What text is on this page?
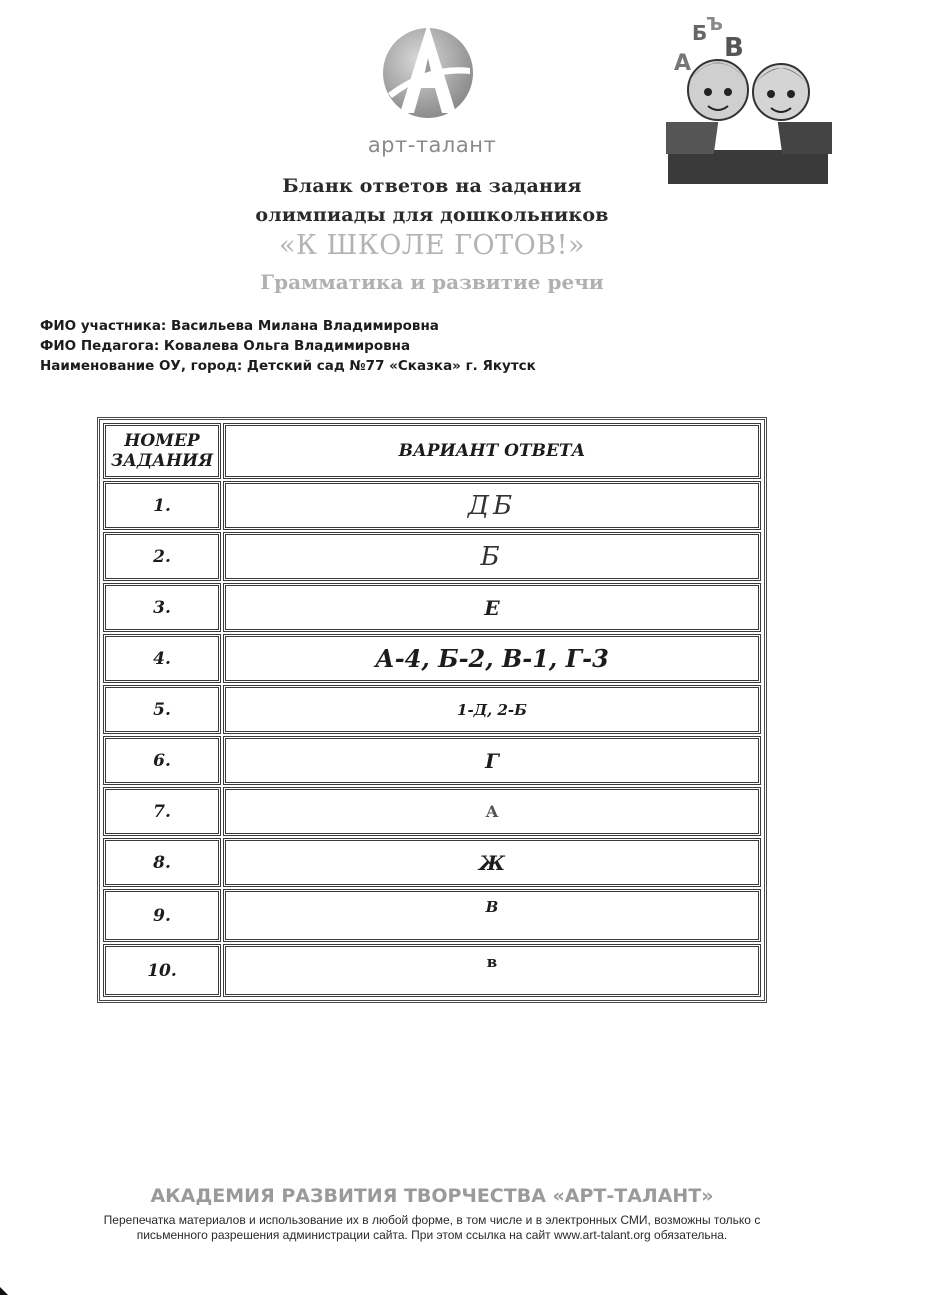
арт-талант
А
Б В
Ъ
Бланк ответов на задания
олимпиады для дошкольников
«К ШКОЛЕ ГОТОВ!»
Грамматика и развитие речи
ФИО участника: Васильева Милана Владимировна
ФИО Педагога: Ковалева Ольга Владимировна
Наименование ОУ, город: Детский сад №77 «Сказка» г. Якутск
НОМЕР ЗАДАНИЯ	ВАРИАНТ ОТВЕТА
1.	ДБ
2.	Б
3.	Е
4.	А-4, Б-2, В-1, Г-3
5.	1-Д, 2-Б
6.	Г
7.	А
8.	Ж
9.	В
10.	в
АКАДЕМИЯ РАЗВИТИЯ ТВОРЧЕСТВА «АРТ-ТАЛАНТ»
Перепечатка материалов и использование их в любой форме, в том числе и в электронных СМИ, возможны только с
письменного разрешения администрации сайта. При этом ссылка на сайт www.art-talant.org обязательна.
